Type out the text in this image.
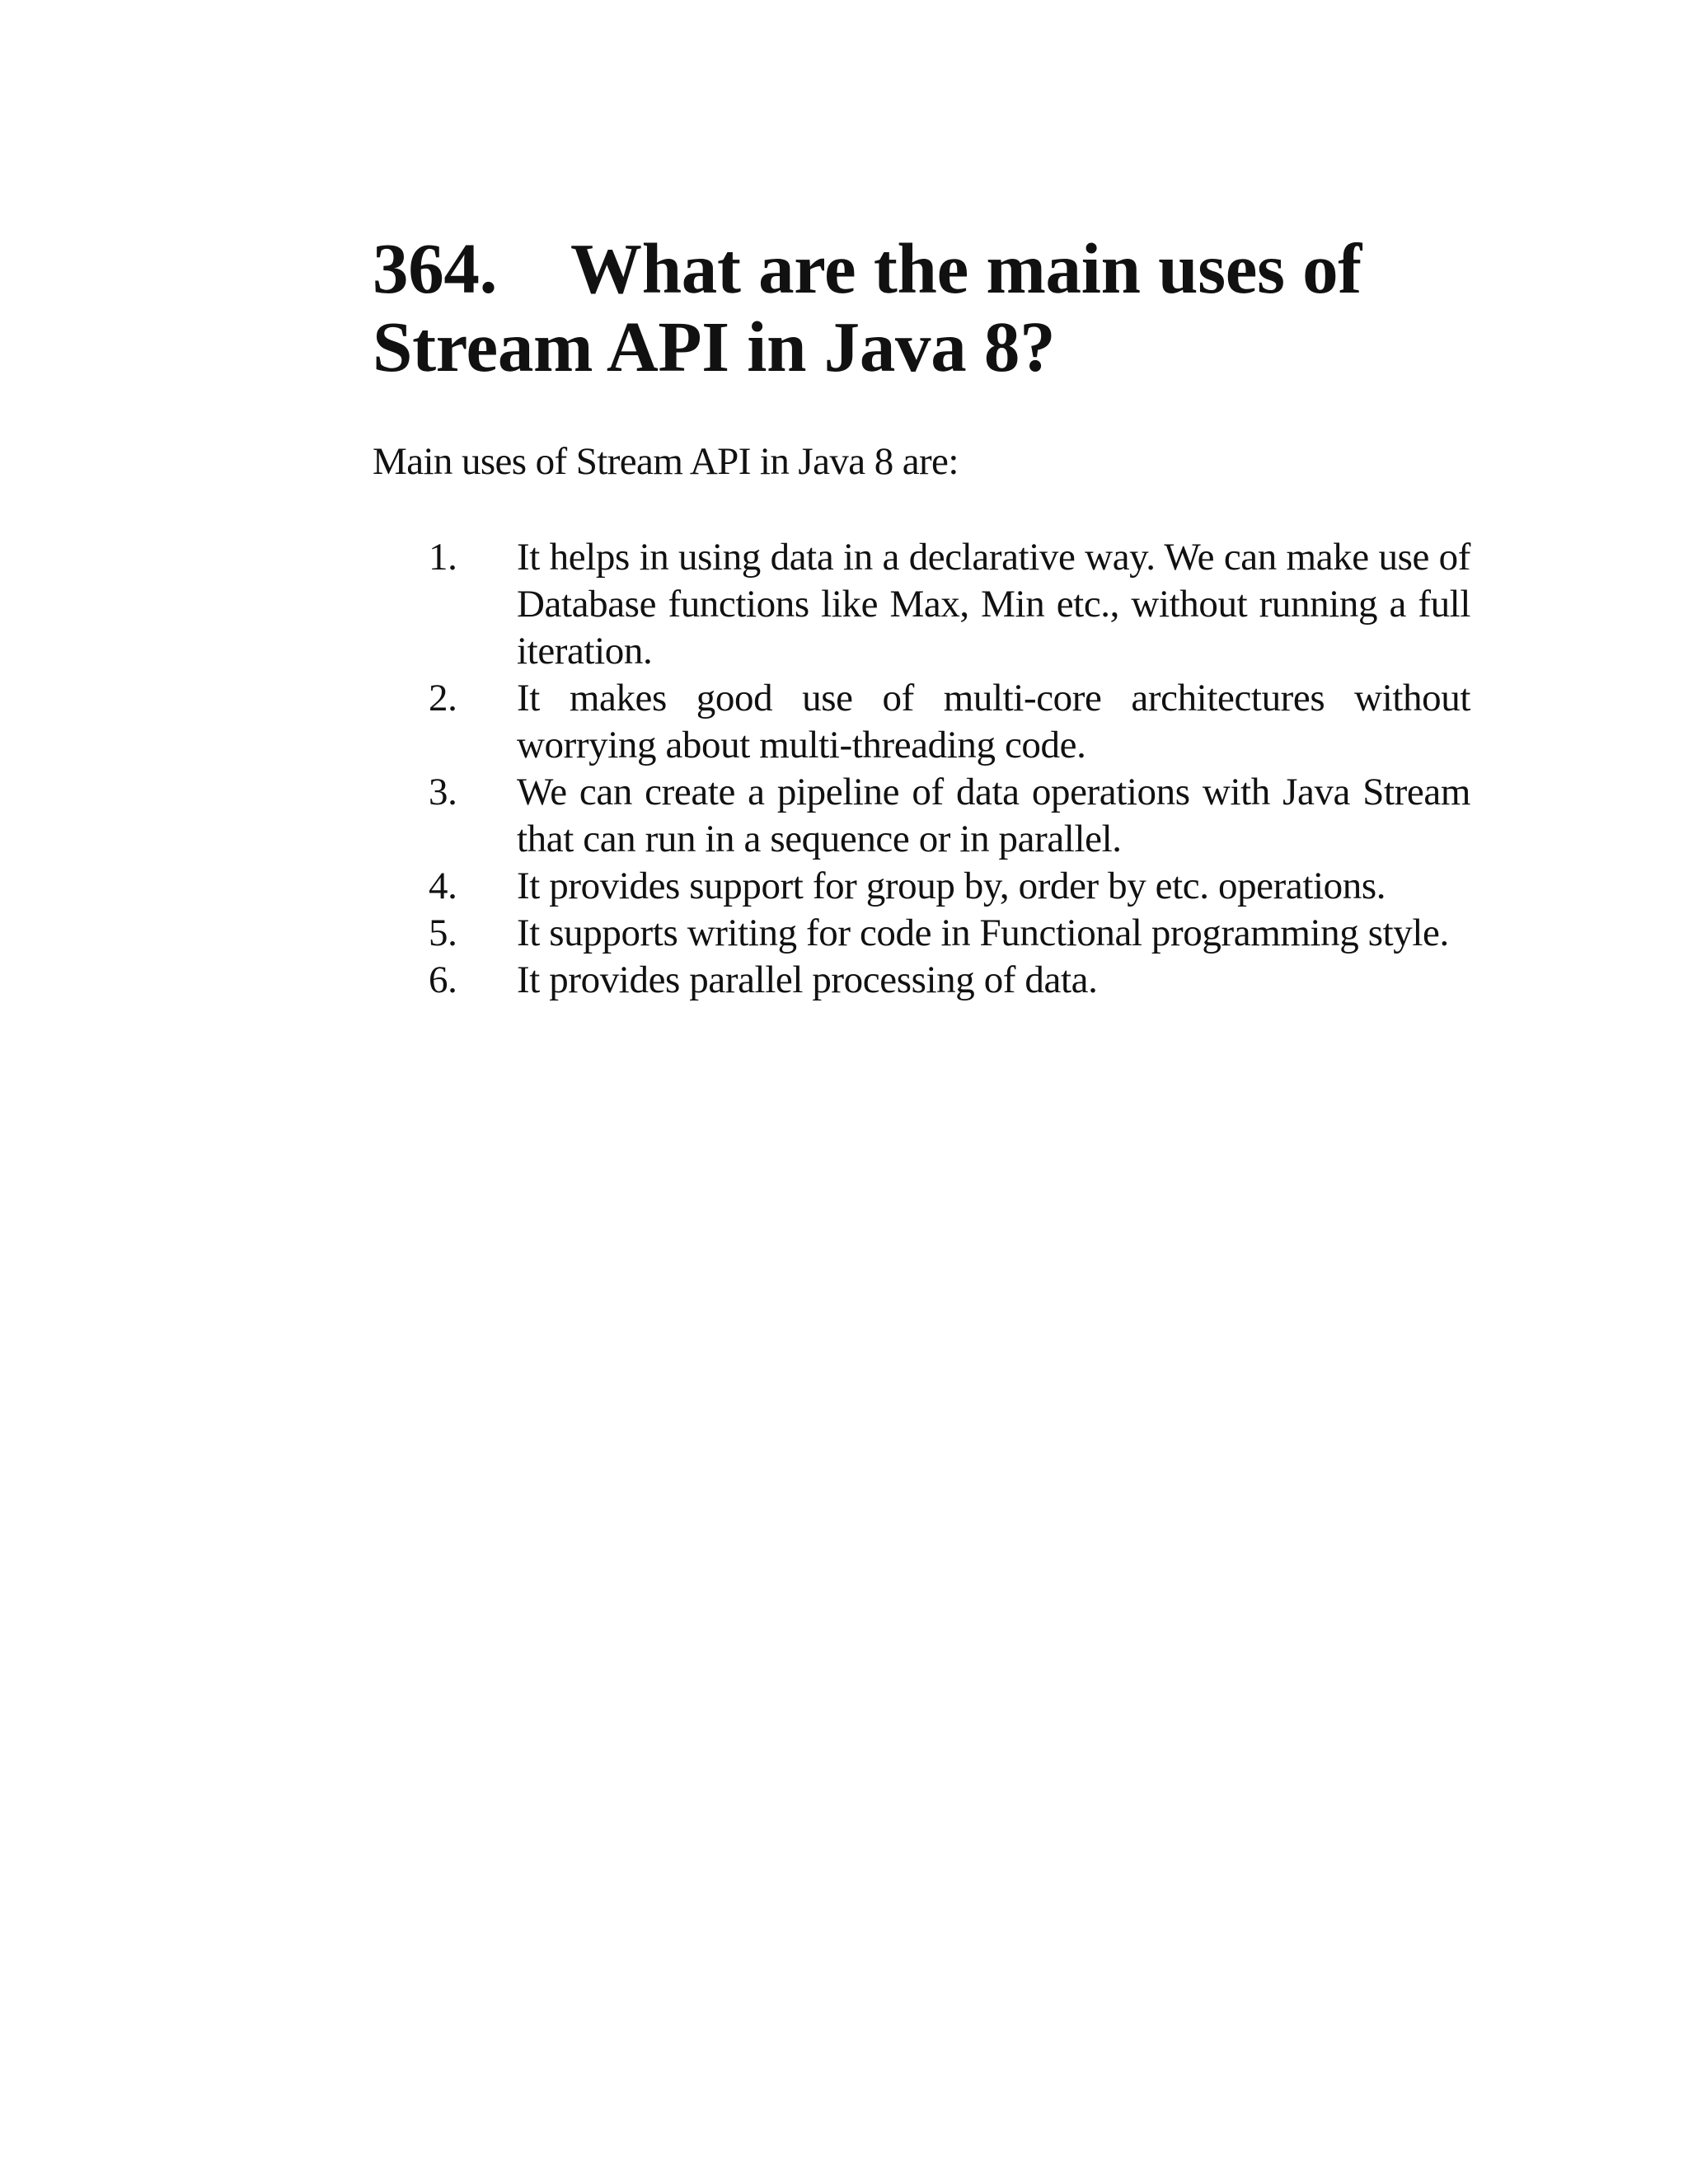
364. What are the main uses of
Stream API in Java 8?

Main uses of Stream API in Java 8 are:

1.	It helps in using data in a declarative way. We can make use of Database functions like Max, Min etc., without running a full iteration.
2.	It makes good use of multi-core architectures without worrying about multi-threading code.
3.	We can create a pipeline of data operations with Java Stream that can run in a sequence or in parallel.
4.	It provides support for group by, order by etc. operations.
5.	It supports writing for code in Functional programming style.
6.	It provides parallel processing of data.
